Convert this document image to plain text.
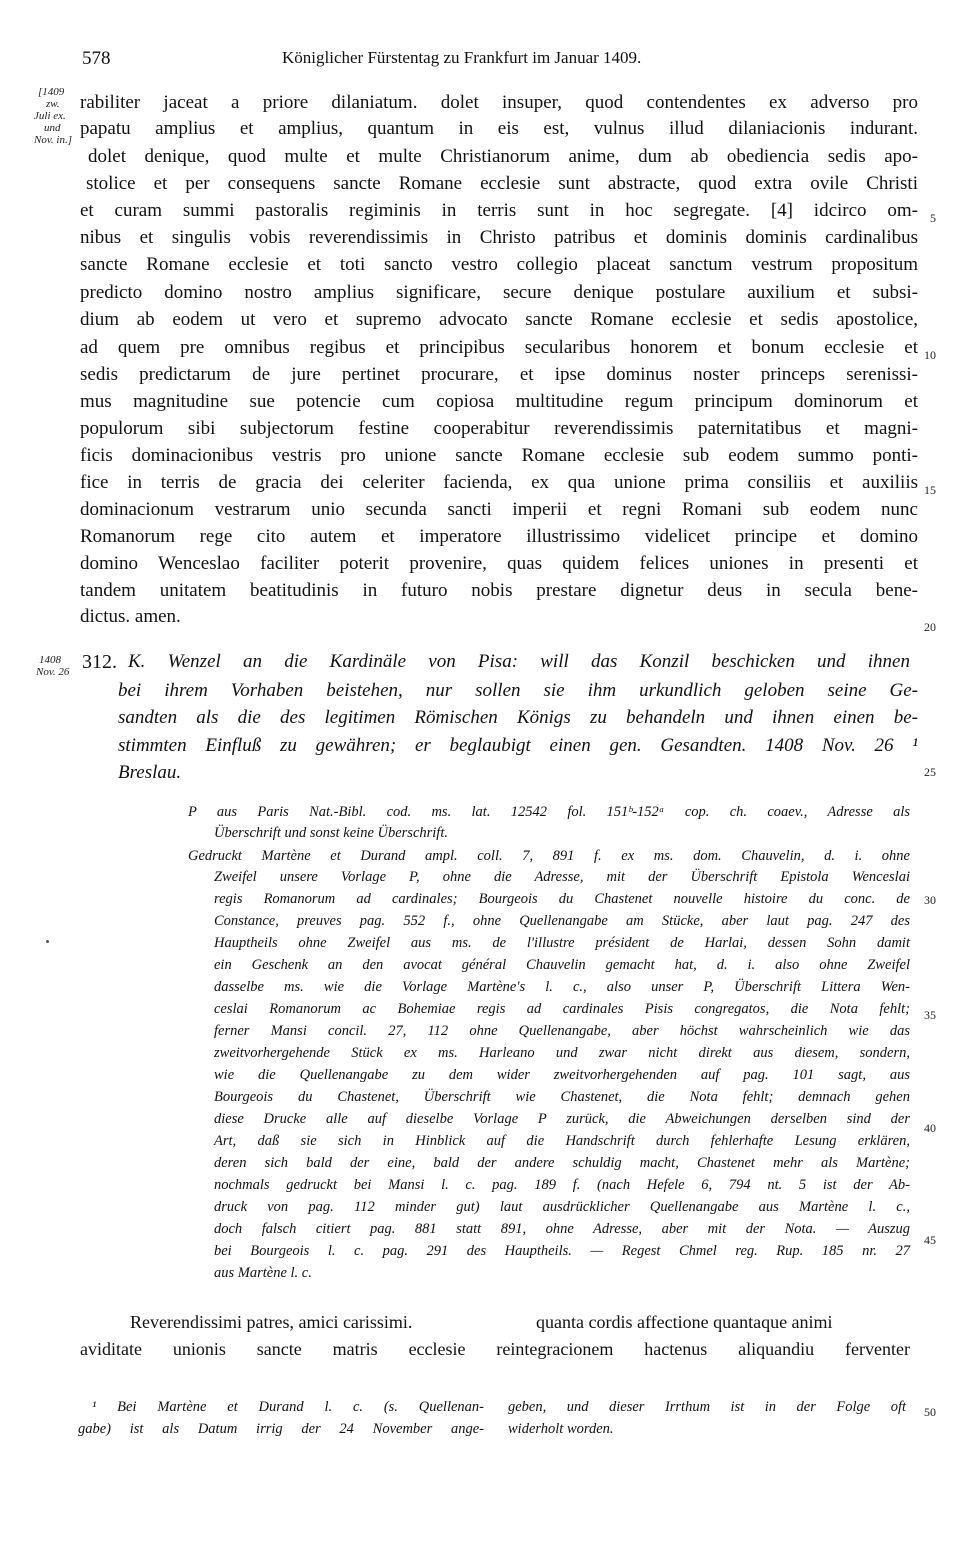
578	Königlicher Fürstentag zu Frankfurt im Januar 1409.
[1409
zw.
Juli ex.
und
Nov. in.]
rabiliter jaceat a priore dilaniatum. dolet insuper, quod contendentes ex adverso pro
papatu amplius et amplius, quantum in eis est, vulnus illud dilaniacionis indurant.
dolet denique, quod multe et multe Christianorum anime, dum ab obediencia sedis apo-
stolice et per consequens sancte Romane ecclesie sunt abstracte, quod extra ovile Christi
et curam summi pastoralis regiminis in terris sunt in hoc segregate. [4] idcirco om-
nibus et singulis vobis reverendissimis in Christo patribus et dominis dominis cardinalibus
sancte Romane ecclesie et toti sancto vestro collegio placeat sanctum vestrum propositum
predicto domino nostro amplius significare, secure denique postulare auxilium et subsi-
dium ab eodem ut vero et supremo advocato sancte Romane ecclesie et sedis apostolice,
ad quem pre omnibus regibus et principibus secularibus honorem et bonum ecclesie et
sedis predictarum de jure pertinet procurare, et ipse dominus noster princeps serenissi-
mus magnitudine sue potencie cum copiosa multitudine regum principum dominorum et
populorum sibi subjectorum festine cooperabitur reverendissimis paternitatibus et magni-
ficis dominacionibus vestris pro unione sancte Romane ecclesie sub eodem summo ponti-
fice in terris de gracia dei celeriter facienda, ex qua unione prima consiliis et auxiliis
dominacionum vestrarum unio secunda sancti imperii et regni Romani sub eodem nunc
Romanorum rege cito autem et imperatore illustrissimo videlicet principe et domino
domino Wenceslao faciliter poterit provenire, quas quidem felices uniones in presenti et
tandem unitatem beatitudinis in futuro nobis prestare dignetur deus in secula bene-
dictus. amen.
5
10
15
20
25
30
35
40
45
50
1408
Nov. 26 312. K. Wenzel an die Kardinäle von Pisa: will das Konzil beschicken und ihnen
bei ihrem Vorhaben beistehen, nur sollen sie ihm urkundlich geloben seine Ge-
sandten als die des legitimen Römischen Königs zu behandeln und ihnen einen be-
stimmten Einfluß zu gewähren; er beglaubigt einen gen. Gesandten. 1408 Nov. 26 ¹
Breslau.
P aus Paris Nat.-Bibl. cod. ms. lat. 12542 fol. 151ᵇ-152ᵃ cop. ch. coaev., Adresse als
Überschrift und sonst keine Überschrift.
Gedruckt Martène et Durand ampl. coll. 7, 891 f. ex ms. dom. Chauvelin, d. i. ohne
Zweifel unsere Vorlage P, ohne die Adresse, mit der Überschrift Epistola Wenceslai
regis Romanorum ad cardinales; Bourgeois du Chastenet nouvelle histoire du conc. de
Constance, preuves pag. 552 f., ohne Quellenangabe am Stücke, aber laut pag. 247 des
Hauptheils ohne Zweifel aus ms. de l'illustre président de Harlai, dessen Sohn damit
ein Geschenk an den avocat général Chauvelin gemacht hat, d. i. also ohne Zweifel
dasselbe ms. wie die Vorlage Martène's l. c., also unser P, Überschrift Littera Wen-
ceslai Romanorum ac Bohemiae regis ad cardinales Pisis congregatos, die Nota fehlt;
ferner Mansi concil. 27, 112 ohne Quellenangabe, aber höchst wahrscheinlich wie das
zweitvorhergehende Stück ex ms. Harleano und zwar nicht direkt aus diesem, sondern,
wie die Quellenangabe zu dem wider zweitvorhergehenden auf pag. 101 sagt, aus
Bourgeois du Chastenet, Überschrift wie Chastenet, die Nota fehlt; demnach gehen
diese Drucke alle auf dieselbe Vorlage P zurück, die Abweichungen derselben sind der
Art, daß sie sich in Hinblick auf die Handschrift durch fehlerhafte Lesung erklären,
deren sich bald der eine, bald der andere schuldig macht, Chastenet mehr als Martène;
nochmals gedruckt bei Mansi l. c. pag. 189 f. (nach Hefele 6, 794 nt. 5 ist der Ab-
druck von pag. 112 minder gut) laut ausdrücklicher Quellenangabe aus Martène l. c.,
doch falsch citiert pag. 881 statt 891, ohne Adresse, aber mit der Nota. — Auszug
bei Bourgeois l. c. pag. 291 des Hauptheils. — Regest Chmel reg. Rup. 185 nr. 27
aus Martène l. c.
Reverendissimi patres, amici carissimi.	quanta cordis affectione quantaque animi
aviditate unionis sancte matris ecclesie reintegracionem hactenus aliquandiu ferventer
¹ Bei Martène et Durand l. c. (s. Quellenan-
gabe) ist als Datum irrig der 24 November ange-
geben, und dieser Irrthum ist in der Folge oft
widerholt worden.
